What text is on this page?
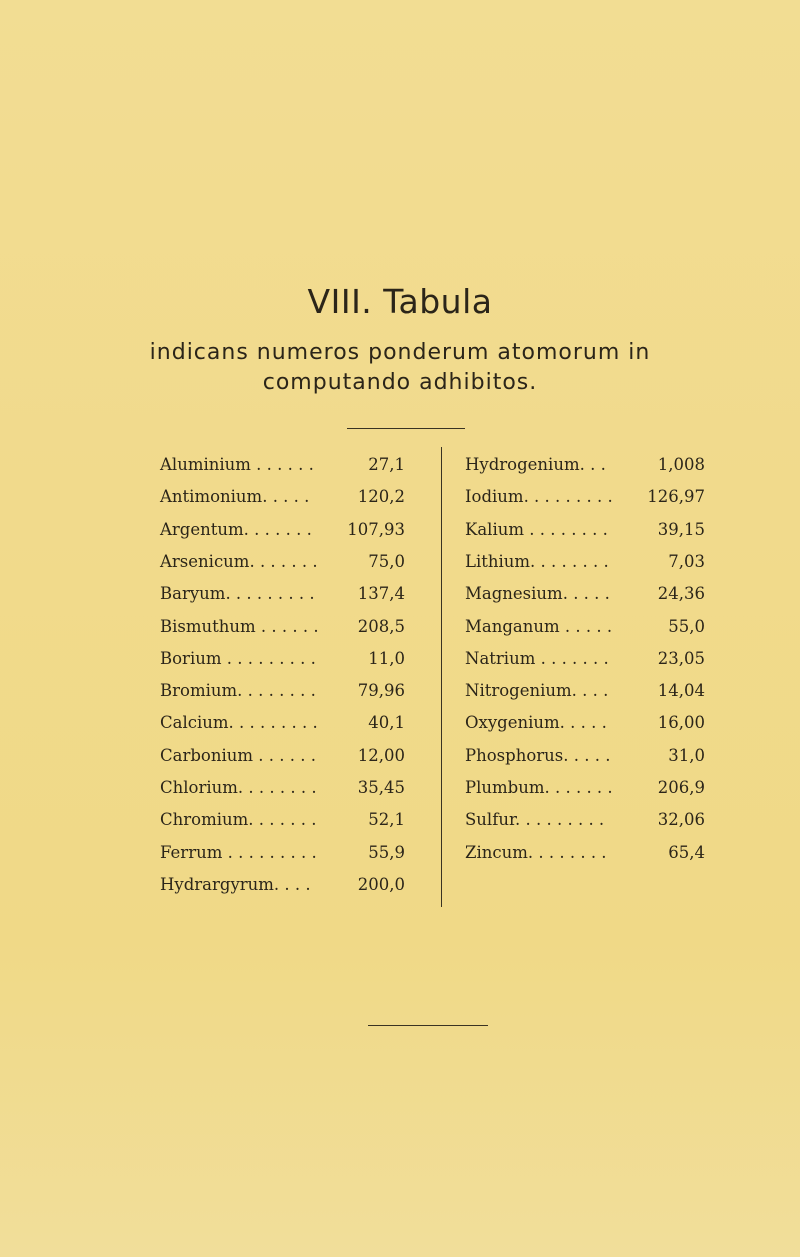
VIII. Tabula
indicans numeros ponderum atomorum in
computando adhibitos.
Aluminium . . . . . .	27,1
Antimonium. . . . .	120,2
Argentum. . . . . . . 107,93
Arsenicum. . . . . . .	75,0
Baryum. . . . . . . . .	137,4
Bismuthum . . . . . . 208,5
Borium . . . . . . . . .	11,0
Bromium. . . . . . . .	79,96
Calcium. . . . . . . . .	40,1
Carbonium . . . . . .	12,00
Chlorium. . . . . . . . 35,45
Chromium. . . . . . .	52,1
Ferrum . . . . . . . . .	55,9
Hydrargyrum. . . .	200,0
Hydrogenium. . .	1,008
Iodium. . . . . . . . . 126,97
Kalium . . . . . . . .	39,15
Lithium. . . . . . . .	7,03
Magnesium. . . . .	24,36
Manganum . . . . .	55,0
Natrium . . . . . . .	23,05
Nitrogenium. . . .	14,04
Oxygenium. . . . .	16,00
Phosphorus. . . . .	31,0
Plumbum. . . . . . .	206,9
Sulfur. . . . . . . . .	32,06
Zincum. . . . . . . .	65,4
